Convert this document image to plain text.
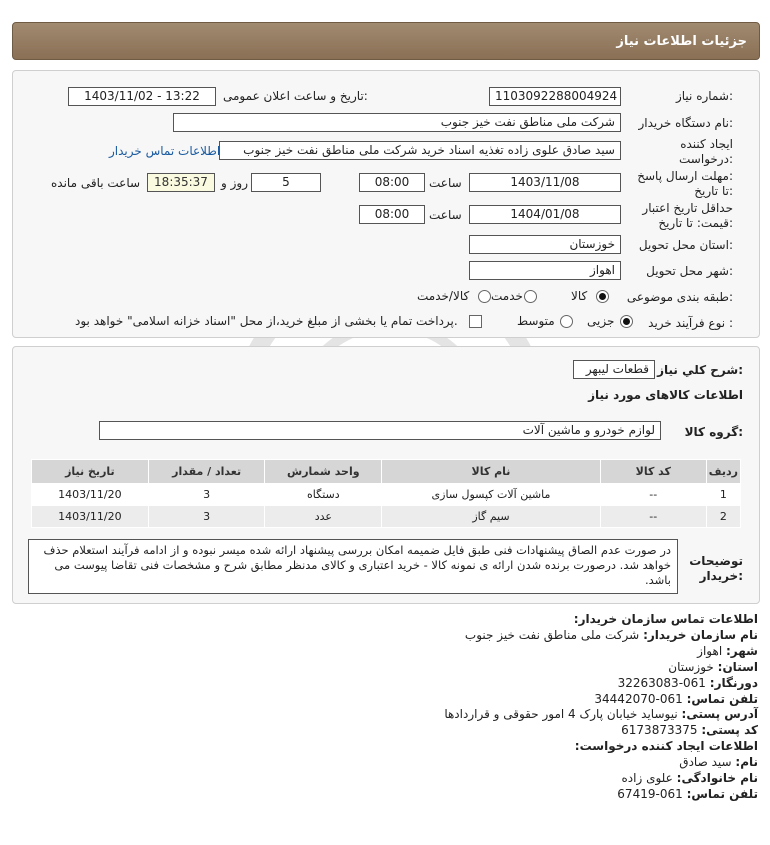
جزئیات اطلاعات نیاز
شماره نیاز:
1103092288004924
تاریخ و ساعت اعلان عمومی:
1403/11/02 - 13:22
نام دستگاه خریدار:
شرکت ملی مناطق نفت خیز جنوب
ایجاد کننده
درخواست:
سید صادق علوی زاده تغذیه اسناد خرید شرکت ملی مناطق نفت خیز جنوب
اطلاعات تماس خریدار
مهلت ارسال پاسخ:
تا تاریخ:
1403/11/08
ساعت
08:00
5
روز و
18:35:37
ساعت باقی مانده
حداقل تاریخ اعتبار
قیمت: تا تاریخ:
1404/01/08
ساعت
08:00
استان محل تحویل:
خوزستان
شهر محل تحویل:
اهواز
طبقه بندی موضوعی:
کالا
خدمت
کالا/خدمت
نوع فرآیند خرید :
جزیی
متوسط
پرداخت تمام یا بخشی از مبلغ خرید،از محل "اسناد خزانه اسلامی" خواهد بود.
شرح کلي نياز:
قطعات لیبهر
اطلاعات کالاهای مورد نیاز
گروه کالا:
لوازم خودرو و ماشین آلات
ردیف	کد کالا	نام کالا	واحد شمارش	تعداد / مقدار	تاریخ نیاز
1	--	ماشین آلات کپسول سازی	دستگاه	3	1403/11/20
2	--	سیم گاز	عدد	3	1403/11/20
توضیحات
خریدار:
در صورت عدم الصاق پیشنهادات فنی طبق فایل ضمیمه امکان بررسی پیشنهاد ارائه شده میسر نبوده و از ادامه فرآیند استعلام حذف خواهد شد. درصورت برنده شدن ارائه ی نمونه کالا - خرید اعتباری و کالای مدنظر مطابق شرح و مشخصات فنی تقاضا پیوست می باشد.
اطلاعات تماس سازمان خریدار:
نام سازمان خریدار: شرکت ملی مناطق نفت خیز جنوب
شهر: اهواز
استان: خوزستان
دورنگار: 061-32263083
تلفن تماس: 061-34442070
آدرس پستی: نیوساید خیابان پارک 4 امور حقوقی و قراردادها
کد پستی: 6173873375
اطلاعات ایجاد کننده درخواست:
نام: سید صادق
نام خانوادگی: علوی زاده
تلفن تماس: 061-67419
